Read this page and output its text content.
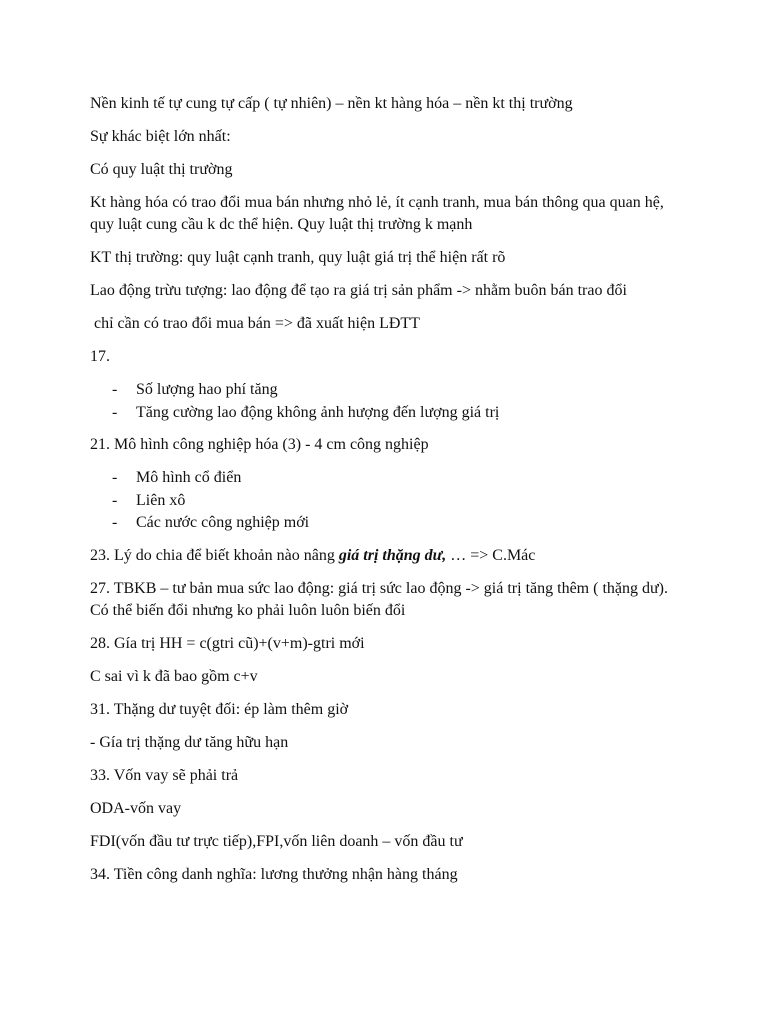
Nền kinh tế tự cung tự cấp ( tự nhiên) – nền kt hàng hóa – nền kt thị trường

Sự khác biệt lớn nhất:

Có quy luật thị trường

Kt hàng hóa có trao đổi mua bán nhưng nhỏ lẻ, ít cạnh tranh, mua bán thông qua quan hệ, quy luật cung cầu k dc thể hiện. Quy luật thị trường k mạnh

KT thị trường: quy luật cạnh tranh, quy luật giá trị thể hiện rất rõ

Lao động trừu tượng: lao động để tạo ra giá trị sản phẩm -> nhằm buôn bán trao đổi

chỉ cần có trao đổi mua bán => đã xuất hiện LĐTT

17.

- Số lượng hao phí tăng
- Tăng cường lao động không ảnh hượng đến lượng giá trị

21. Mô hình công nghiệp hóa (3) - 4 cm công nghiệp

- Mô hình cổ điển
- Liên xô
- Các nước công nghiệp mới

23. Lý do chia để biết khoản nào nâng giá trị thặng dư, … => C.Mác

27. TBKB – tư bản mua sức lao động: giá trị sức lao động -> giá trị tăng thêm ( thặng dư). Có thể biến đổi nhưng ko phải luôn luôn biến đổi

28. Gía trị HH = c(gtri cũ)+(v+m)-gtri mới

C sai vì k đã bao gồm c+v

31. Thặng dư tuyệt đối: ép làm thêm giờ

- Gía trị thặng dư tăng hữu hạn

33. Vốn vay sẽ phải trả

ODA-vốn vay

FDI(vốn đầu tư trực tiếp),FPI,vốn liên doanh – vốn đầu tư

34. Tiền công danh nghĩa: lương thưởng nhận hàng tháng
